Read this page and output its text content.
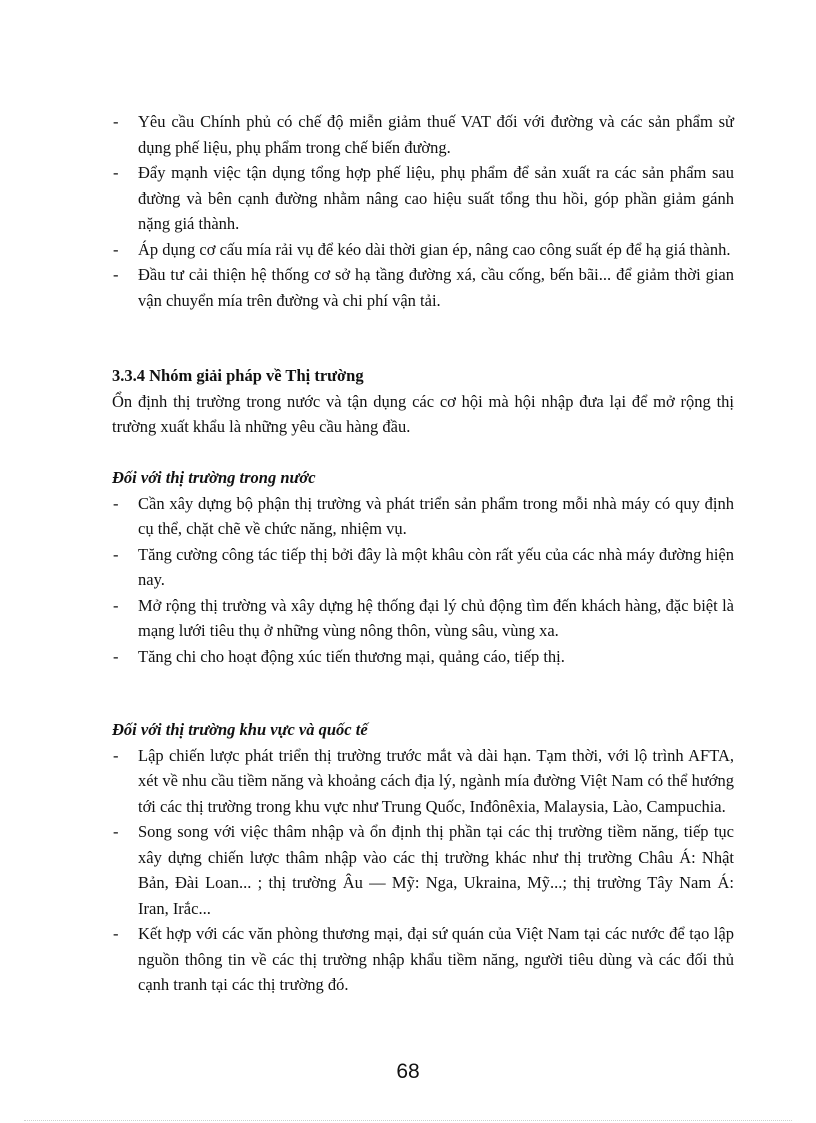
- Yêu cầu Chính phủ có chế độ miễn giảm thuế VAT đối với đường và các sản phẩm sử dụng phế liệu, phụ phẩm trong chế biến đường.
- Đẩy mạnh việc tận dụng tổng hợp phế liệu, phụ phẩm để sản xuất ra các sản phẩm sau đường và bên cạnh đường nhằm nâng cao hiệu suất tổng thu hồi, góp phần giảm gánh nặng giá thành.
- Áp dụng cơ cấu mía rải vụ để kéo dài thời gian ép, nâng cao công suất ép để hạ giá thành.
- Đầu tư cải thiện hệ thống cơ sở hạ tầng đường xá, cầu cống, bến bãi... để giảm thời gian vận chuyển mía trên đường và chi phí vận tải.
3.3.4 Nhóm giải pháp về Thị trường
Ổn định thị trường trong nước và tận dụng các cơ hội mà hội nhập đưa lại để mở rộng thị trường xuất khẩu là những yêu cầu hàng đầu.
Đối với thị trường trong nước
- Cần xây dựng bộ phận thị trường và phát triển sản phẩm trong mỗi nhà máy có quy định cụ thể, chặt chẽ về chức năng, nhiệm vụ.
- Tăng cường công tác tiếp thị bởi đây là một khâu còn rất yếu của các nhà máy đường hiện nay.
- Mở rộng thị trường và xây dựng hệ thống đại lý chủ động tìm đến khách hàng, đặc biệt là mạng lưới tiêu thụ ở những vùng nông thôn, vùng sâu, vùng xa.
- Tăng chi cho hoạt động xúc tiến thương mại, quảng cáo, tiếp thị.
Đối với thị trường khu vực và quốc tế
- Lập chiến lược phát triển thị trường trước mắt và dài hạn. Tạm thời, với lộ trình AFTA, xét về nhu cầu tiềm năng và khoảng cách địa lý, ngành mía đường Việt Nam có thể hướng tới các thị trường trong khu vực như Trung Quốc, Inđônêxia, Malaysia, Lào, Campuchia.
- Song song với việc thâm nhập và ổn định thị phần tại các thị trường tiềm năng, tiếp tục xây dựng chiến lược thâm nhập vào các thị trường khác như thị trường Châu Á: Nhật Bản, Đài Loan... ; thị trường Âu — Mỹ: Nga, Ukraina, Mỹ...; thị trường Tây Nam Á: Iran, Irắc...
- Kết hợp với các văn phòng thương mại, đại sứ quán của Việt Nam tại các nước để tạo lập nguồn thông tin về các thị trường nhập khẩu tiềm năng, người tiêu dùng và các đối thủ cạnh tranh tại các thị trường đó.
68
